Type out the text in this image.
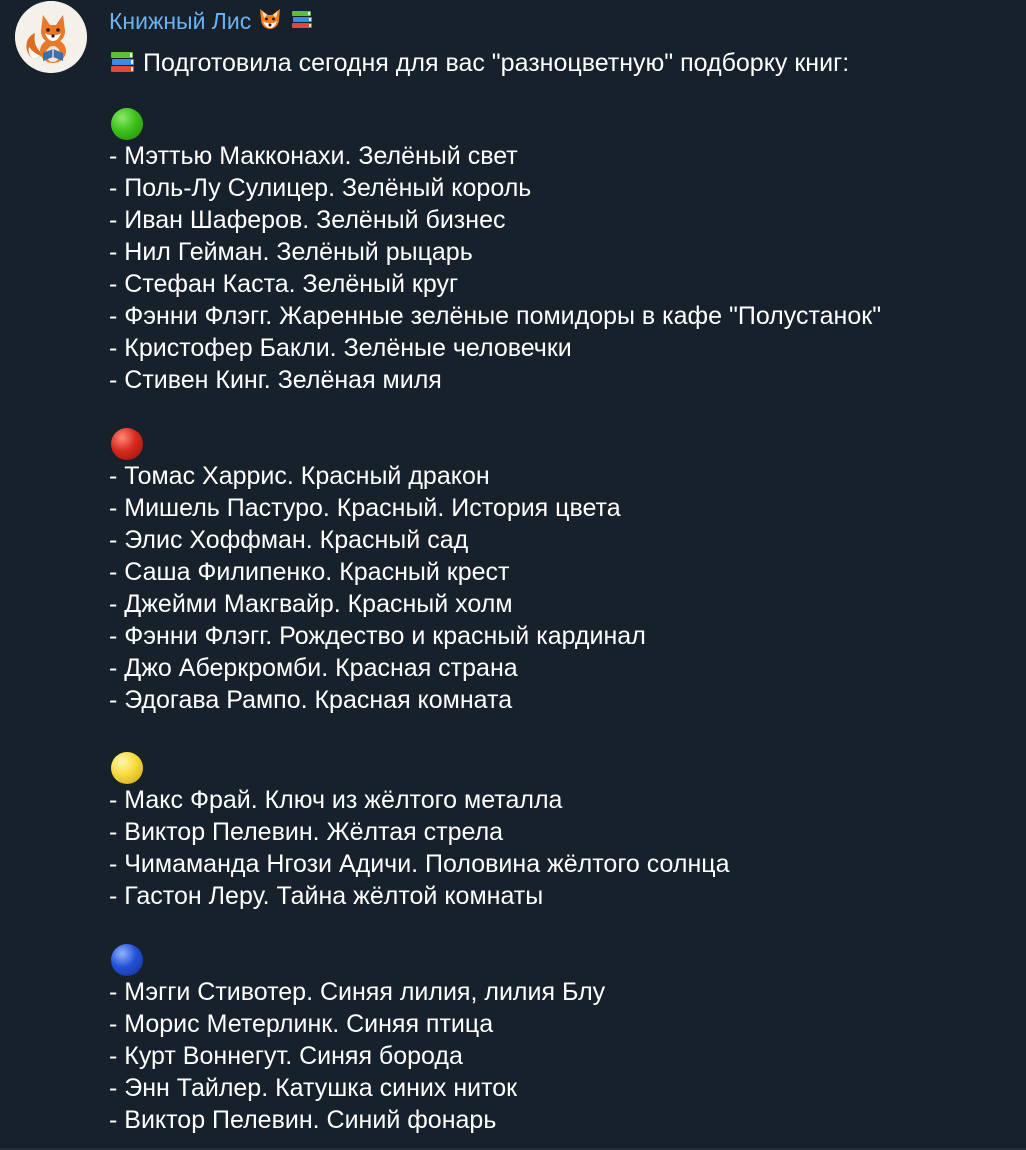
Книжный Лис
Подготовила сегодня для вас "разноцветную" подборку книг:
- Мэттью Макконахи. Зелёный свет
- Поль-Лу Сулицер. Зелёный король
- Иван Шаферов. Зелёный бизнес
- Нил Гейман. Зелёный рыцарь
- Стефан Каста. Зелёный круг
- Фэнни Флэгг. Жаренные зелёные помидоры в кафе "Полустанок"
- Кристофер Бакли. Зелёные человечки
- Стивен Кинг. Зелёная миля
- Томас Харрис. Красный дракон
- Мишель Пастуро. Красный. История цвета
- Элис Хоффман. Красный сад
- Саша Филипенко. Красный крест
- Джейми Макгвайр. Красный холм
- Фэнни Флэгг. Рождество и красный кардинал
- Джо Аберкромби. Красная страна
- Эдогава Рампо. Красная комната
- Макс Фрай. Ключ из жёлтого металла
- Виктор Пелевин. Жёлтая стрела
- Чимаманда Нгози Адичи. Половина жёлтого солнца
- Гастон Леру. Тайна жёлтой комнаты
- Мэгги Стивотер. Синяя лилия, лилия Блу
- Морис Метерлинк. Синяя птица
- Курт Воннегут. Синяя борода
- Энн Тайлер. Катушка синих ниток
- Виктор Пелевин. Синий фонарь
